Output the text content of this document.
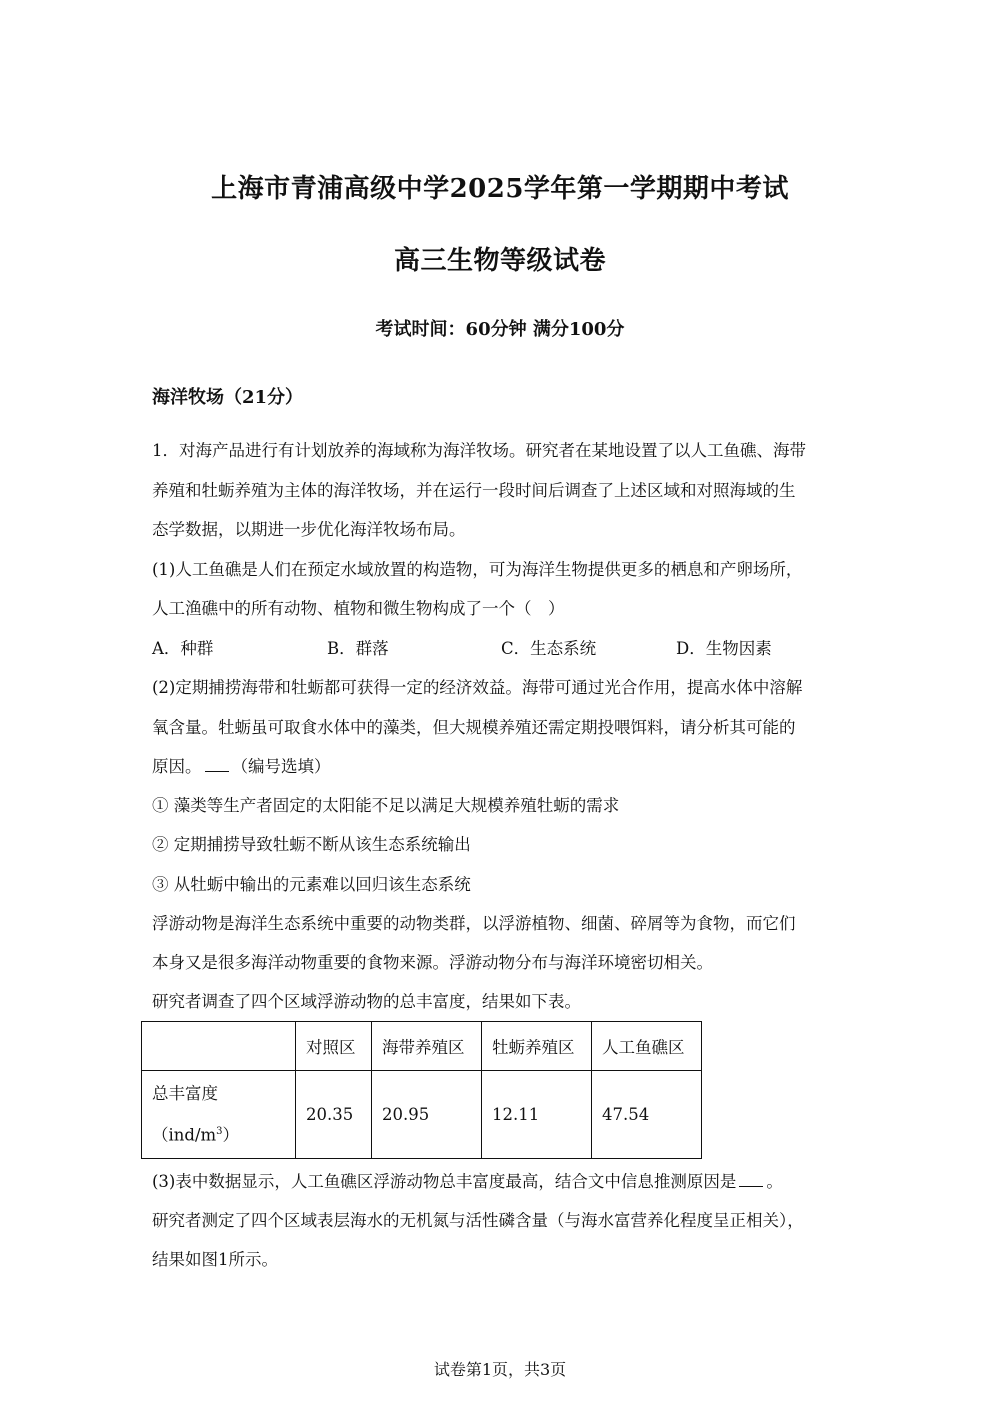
上海市青浦高级中学2025学年第一学期期中考试
高三生物等级试卷
考试时间：60分钟 满分100分
海洋牧场（21分）
1．对海产品进行有计划放养的海域称为海洋牧场。研究者在某地设置了以人工鱼礁、海带
养殖和牡蛎养殖为主体的海洋牧场，并在运行一段时间后调查了上述区域和对照海域的生
态学数据，以期进一步优化海洋牧场布局。
(1)人工鱼礁是人们在预定水域放置的构造物，可为海洋生物提供更多的栖息和产卵场所，
人工渔礁中的所有动物、植物和微生物构成了一个（　）
A．种群	B．群落	C．生态系统	D．生物因素
(2)定期捕捞海带和牡蛎都可获得一定的经济效益。海带可通过光合作用，提高水体中溶解
氧含量。牡蛎虽可取食水体中的藻类，但大规模养殖还需定期投喂饵料，请分析其可能的
原因。 （编号选填）
① 藻类等生产者固定的太阳能不足以满足大规模养殖牡蛎的需求
② 定期捕捞导致牡蛎不断从该生态系统输出
③ 从牡蛎中输出的元素难以回归该生态系统
浮游动物是海洋生态系统中重要的动物类群，以浮游植物、细菌、碎屑等为食物，而它们
本身又是很多海洋动物重要的食物来源。浮游动物分布与海洋环境密切相关。
研究者调查了四个区域浮游动物的总丰富度，结果如下表。
	对照区	海带养殖区	牡蛎养殖区	人工鱼礁区

总丰富度
$(ind/m^3)$	20.35	20.95	12.11	47.54
(3)表中数据显示，人工鱼礁区浮游动物总丰富度最高，结合文中信息推测原因是 。
研究者测定了四个区域表层海水的无机氮与活性磷含量（与海水富营养化程度呈正相关），
结果如图1所示。
试卷第1页，共3页
